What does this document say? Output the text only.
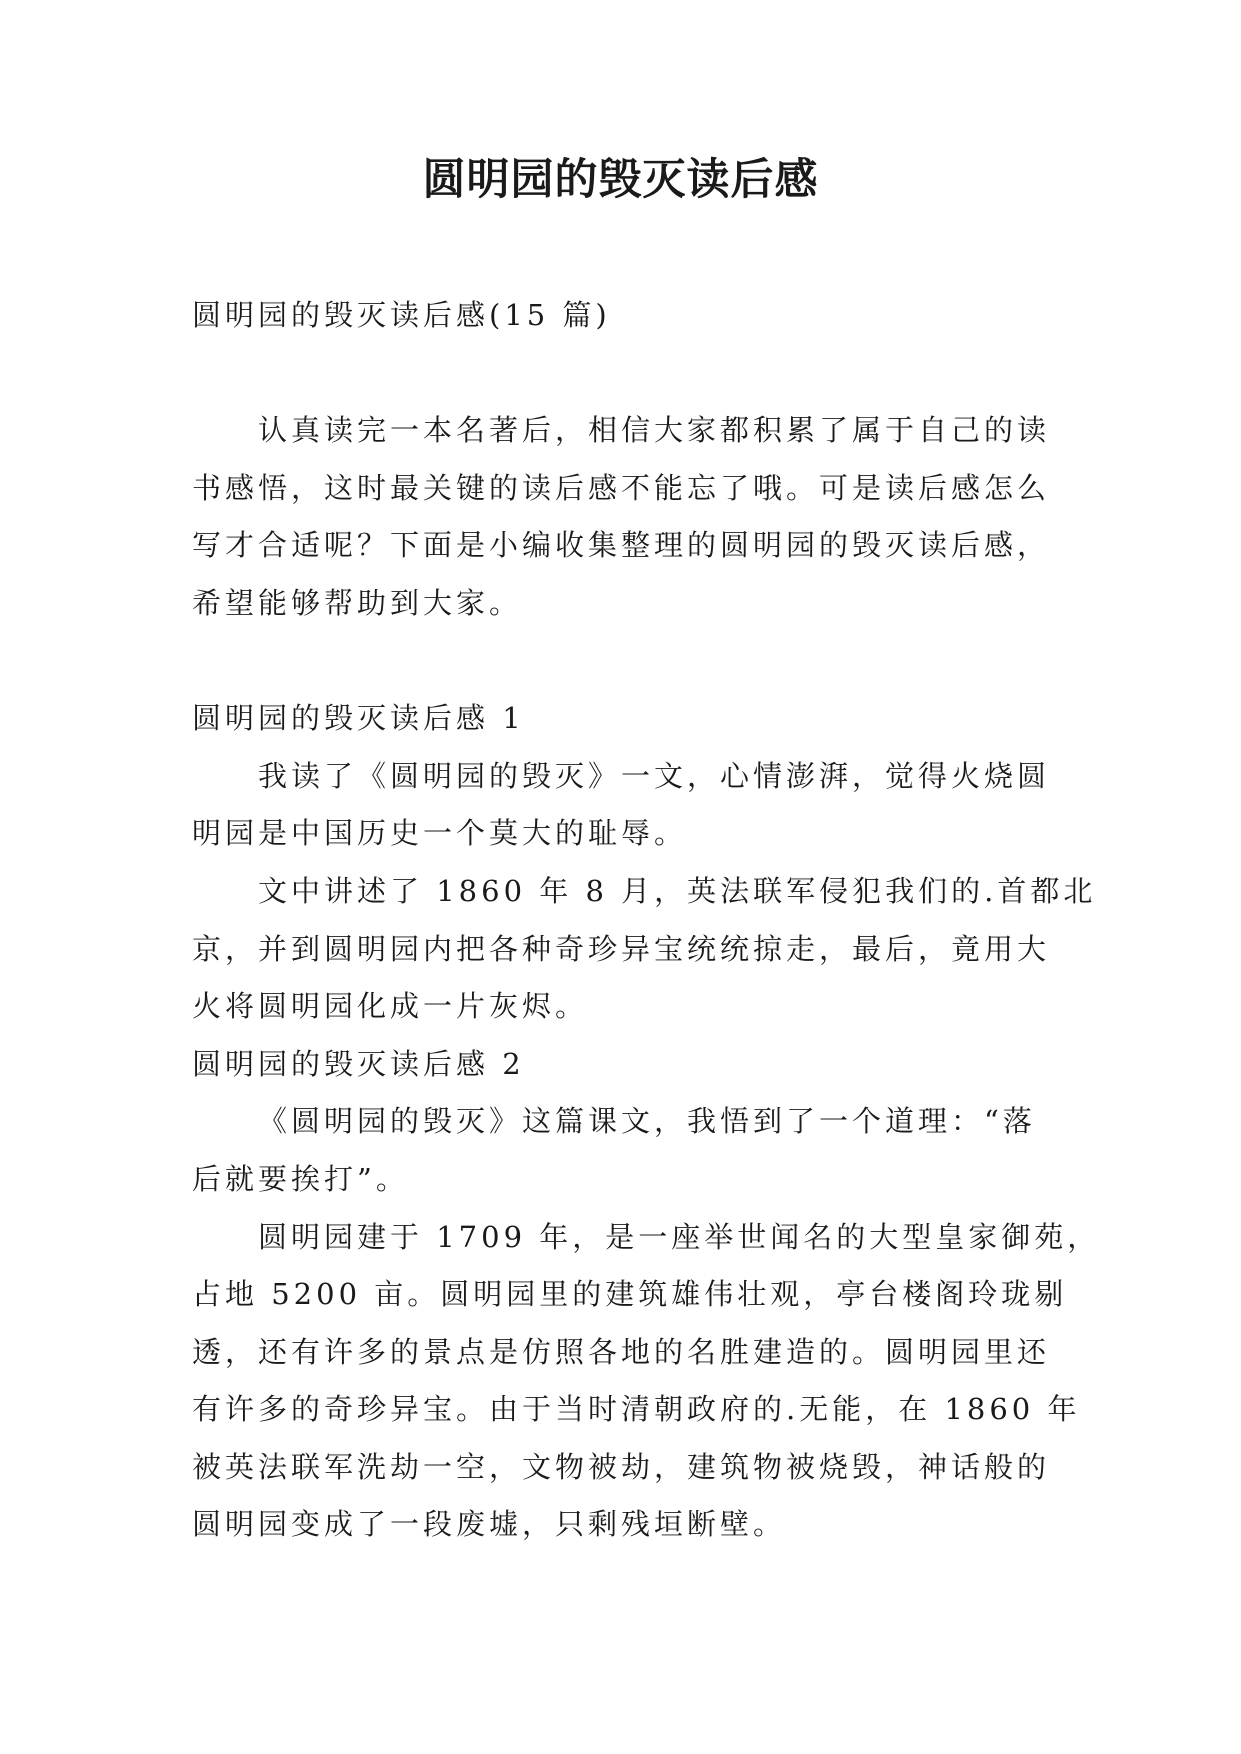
圆明园的毁灭读后感

圆明园的毁灭读后感(15 篇)

认真读完一本名著后，相信大家都积累了属于自己的读

书感悟，这时最关键的读后感不能忘了哦。可是读后感怎么

写才合适呢？下面是小编收集整理的圆明园的毁灭读后感，

希望能够帮助到大家。

圆明园的毁灭读后感 1

我读了《圆明园的毁灭》一文，心情澎湃，觉得火烧圆

明园是中国历史一个莫大的耻辱。

文中讲述了 1860 年 8 月，英法联军侵犯我们的.首都北

京，并到圆明园内把各种奇珍异宝统统掠走，最后，竟用大

火将圆明园化成一片灰烬。

圆明园的毁灭读后感 2

《圆明园的毁灭》这篇课文，我悟到了一个道理：“落

后就要挨打”。

圆明园建于 1709 年，是一座举世闻名的大型皇家御苑，

占地 5200 亩。圆明园里的建筑雄伟壮观，亭台楼阁玲珑剔

透，还有许多的景点是仿照各地的名胜建造的。圆明园里还

有许多的奇珍异宝。由于当时清朝政府的.无能，在 1860 年

被英法联军洗劫一空，文物被劫，建筑物被烧毁，神话般的

圆明园变成了一段废墟，只剩残垣断壁。
